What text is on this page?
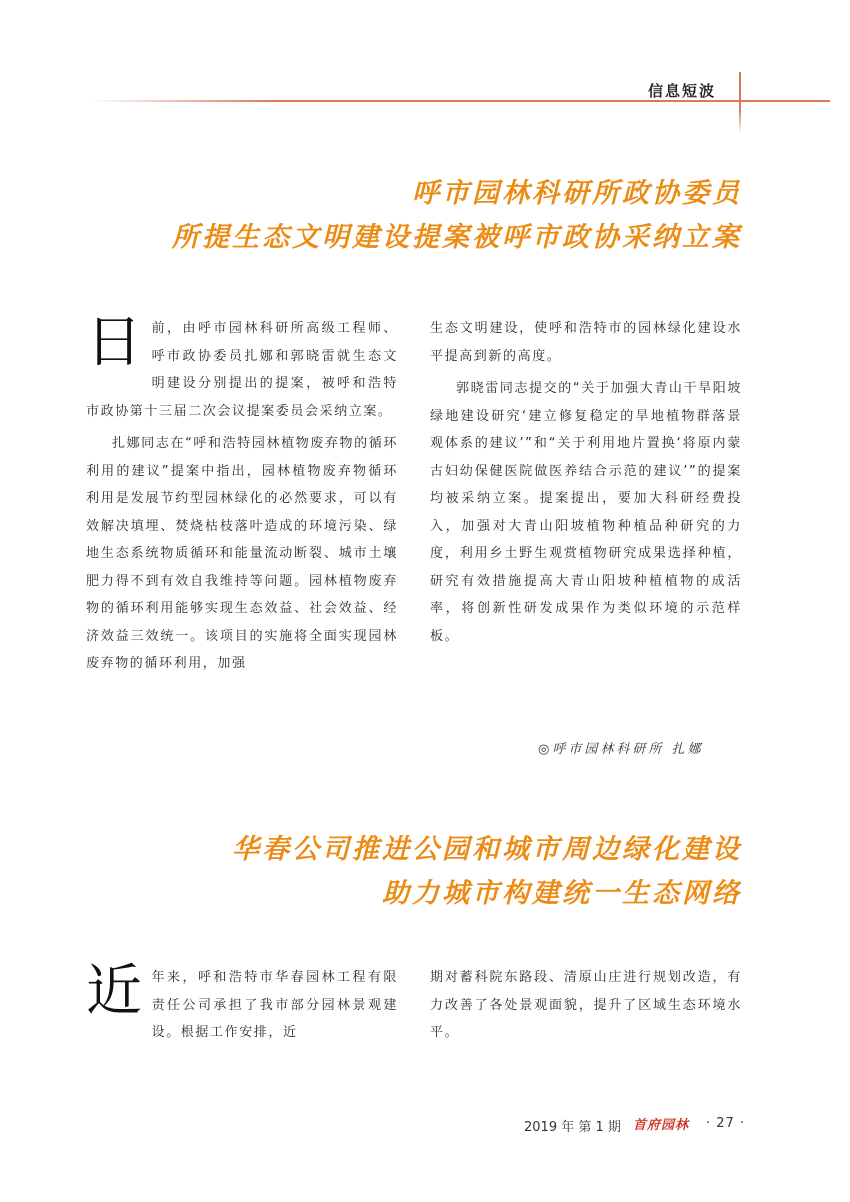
信息短波
呼市园林科研所政协委员
所提生态文明建设提案被呼市政协采纳立案

日 前，由呼市园林科研所高级工程师、呼市政协委员扎娜和郭晓雷就生态文明建设分别提出的提案，被呼和浩特市政协第十三届二次会议提案委员会采纳立案。

扎娜同志在“呼和浩特园林植物废弃物的循环利用的建议”提案中指出，园林植物废弃物循环利用是发展节约型园林绿化的必然要求，可以有效解决填埋、焚烧枯枝落叶造成的环境污染、绿地生态系统物质循环和能量流动断裂、城市土壤肥力得不到有效自我维持等问题。园林植物废弃物的循环利用能够实现生态效益、社会效益、经济效益三效统一。该项目的实施将全面实现园林废弃物的循环利用，加强

生态文明建设，使呼和浩特市的园林绿化建设水平提高到新的高度。

郭晓雷同志提交的“关于加强大青山干旱阳坡绿地建设研究‘建立修复稳定的旱地植物群落景观体系的建议’”和“关于利用地片置换‘将原内蒙古妇幼保健医院做医养结合示范的建议’”的提案均被采纳立案。提案提出，要加大科研经费投入，加强对大青山阳坡植物种植品种研究的力度，利用乡土野生观赏植物研究成果选择种植，研究有效措施提高大青山阳坡种植植物的成活率，将创新性研发成果作为类似环境的示范样板。

◎呼市园林科研所 扎娜
华春公司推进公园和城市周边绿化建设
助力城市构建统一生态网络

近 年来，呼和浩特市华春园林工程有限责任公司承担了我市部分园林景观建设。根据工作安排，近

期对蓄科院东路段、清原山庄进行规划改造，有力改善了各处景观面貌，提升了区域生态环境水平。

2019 年 第 1 期 首府园林 · 27 ·
